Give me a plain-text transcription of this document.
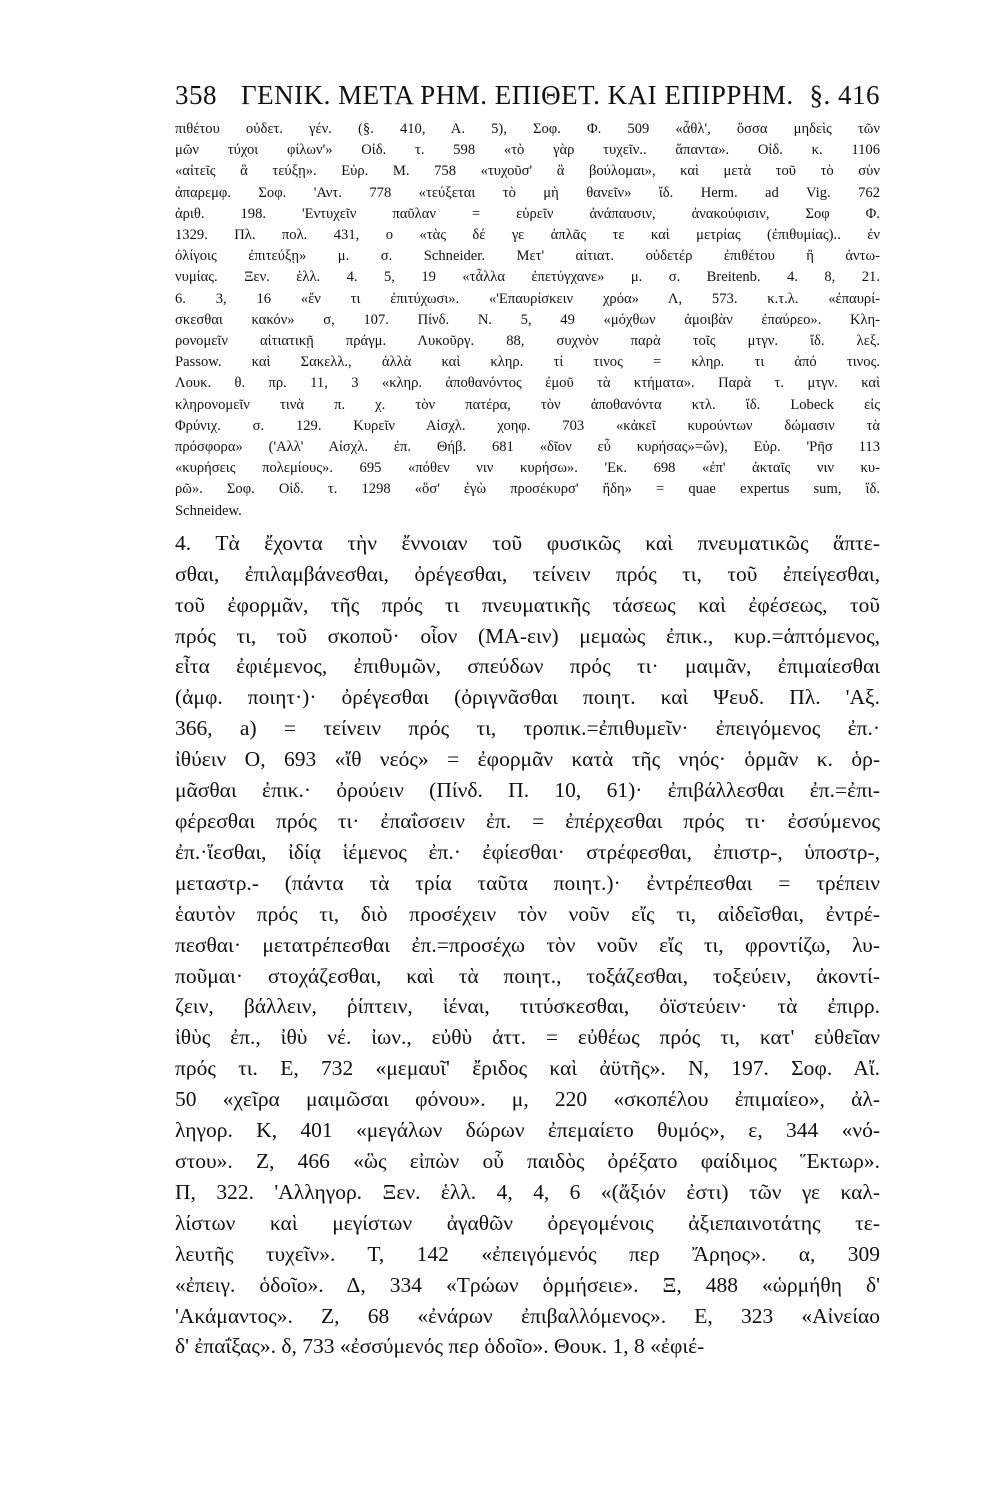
358 ΓΕΝΙΚ. ΜΕΤΑ ΡΗΜ. ΕΠΙΘΕΤ. ΚΑΙ ΕΠΙΡΡΗΜ. §. 416
πιθέτου οὐδετ. γέν. (§. 410, Α. 5), Σοφ. Φ. 509 «ἆθλ', ὅσσα μηδεὶς τῶν
μῶν τύχοι φίλων'» Οἰδ. τ. 598 «τὸ γὰρ τυχεῖν.. ἅπαντα». Οἰδ. κ. 1106
«αἰτεῖς ἃ τεύξῃ». Εὐρ. Μ. 758 «τυχοῦσ' ἃ βούλομαι», καὶ μετὰ τοῦ τὸ σὺν
ἀπαρεμφ. Σοφ. 'Αντ. 778 «τεύξεται τὸ μὴ θανεῖν» ἴδ. Herm. ad Vig. 762
ἀριθ. 198. 'Εντυχεῖν παῦλαν = εὑρεῖν ἀνάπαυσιν, ἀνακούφισιν, Σοφ Φ.
1329. Πλ. πολ. 431, ο «τὰς δέ γε ἁπλᾶς τε καὶ μετρίας (ἐπιθυμίας).. ἐν
ὀλίγοις ἐπιτεύξῃ» μ. σ. Schneider. Μετ' αἰτιατ. οὐδετέρ ἐπιθέτου ἢ ἀντω-
νυμίας. Ξεν. ἑλλ. 4. 5, 19 «τἆλλα ἐπετύγχανε» μ. σ. Breitenb. 4. 8, 21.
6. 3, 16 «ἔν τι ἐπιτύχωσι». «'Επαυρίσκειν χρόα» Λ, 573. κ.τ.λ. «ἐπαυρί-
σκεσθαι κακόν» σ, 107. Πίνδ. Ν. 5, 49 «μόχθων ἀμοιβὰν ἐπαύρεο». Κλη-
ρονομεῖν αἰτιατικῇ πράγμ. Λυκοῦργ. 88, συχνὸν παρὰ τοῖς μτγν. ἴδ. λεξ.
Passow. καὶ Σακελλ., ἀλλὰ καὶ κληρ. τί τινος = κληρ. τι ἀπό τινος.
Λουκ. θ. πρ. 11, 3 «κληρ. ἀποθανόντος ἐμοῦ τὰ κτήματα». Παρὰ τ. μτγν. καὶ
κληρονομεῖν τινὰ π. χ. τὸν πατέρα, τὸν ἀποθανόντα κτλ. ἴδ. Lobeck εἰς
Φρύνιχ. σ. 129. Κυρεῖν Αἰσχλ. χοηφ. 703 «κἀκεῖ κυρούντων δώμασιν τὰ
πρόσφορα» ('Αλλ' Αἰσχλ. ἐπ. Θήβ. 681 «δῖον εὖ κυρήσας»=ὤν), Εὐρ. 'Ρῆσ 113
«κυρήσεις πολεμίους». 695 «πόθεν νιν κυρήσω». 'Εκ. 698 «ἐπ' ἀκταῖς νιν κυ-
ρῶ». Σοφ. Οἰδ. τ. 1298 «ὅσ' ἐγὼ προσέκυρσ' ἤδη» = quae expertus sum, ἴδ.
Schneidew.
4. Τὰ ἔχοντα τὴν ἔννοιαν τοῦ φυσικῶς καὶ πνευματικῶς ἅπτε-
σθαι, ἐπιλαμβάνεσθαι, ὀρέγεσθαι, τείνειν πρός τι, τοῦ ἐπείγεσθαι,
τοῦ ἐφορμᾶν, τῆς πρός τι πνευματικῆς τάσεως καὶ ἐφέσεως, τοῦ
πρός τι, τοῦ σκοποῦ· οἷον (ΜΑ-ειν) μεμαὼς ἐπικ., κυρ.=ἁπτόμενος,
εἶτα ἐφιέμενος, ἐπιθυμῶν, σπεύδων πρός τι· μαιμᾶν, ἐπιμαίεσθαι
(ἀμφ. ποιητ·)· ὀρέγεσθαι (ὀριγνᾶσθαι ποιητ. καὶ Ψευδ. Πλ. 'Αξ.
366, a) = τείνειν πρός τι, τροπικ.=ἐπιθυμεῖν· ἐπειγόμενος ἐπ.·
ἰθύειν Ο, 693 «ἴθ νεός» = ἐφορμᾶν κατὰ τῆς νηός· ὁρμᾶν κ. ὁρ-
μᾶσθαι ἐπικ.· ὀρούειν (Πίνδ. Π. 10, 61)· ἐπιβάλλεσθαι ἐπ.=ἐπι-
φέρεσθαι πρός τι· ἐπαΐσσειν ἐπ. = ἐπέρχεσθαι πρός τι· ἐσσύμενος
ἐπ.·ἵεσθαι, ἰδίᾳ ἱέμενος ἐπ.· ἐφίεσθαι· στρέφεσθαι, ἐπιστρ-, ὑποστρ-,
μεταστρ.- (πάντα τὰ τρία ταῦτα ποιητ.)· ἐντρέπεσθαι = τρέπειν
ἑαυτὸν πρός τι, διὸ προσέχειν τὸν νοῦν εἴς τι, αἰδεῖσθαι, ἐντρέ-
πεσθαι· μετατρέπεσθαι ἐπ.=προσέχω τὸν νοῦν εἴς τι, φροντίζω, λυ-
ποῦμαι· στοχάζεσθαι, καὶ τὰ ποιητ., τοξάζεσθαι, τοξεύειν, ἀκοντί-
ζειν, βάλλειν, ῥίπτειν, ἱέναι, τιτύσκεσθαι, ὀϊστεύειν· τὰ ἐπιρρ.
ἰθὺς ἐπ., ἰθὺ νέ. ἰων., εὐθὺ ἀττ. = εὐθέως πρός τι, κατ' εὐθεῖαν
πρός τι. Ε, 732 «μεμαυῖ' ἔριδος καὶ ἀϋτῆς». Ν, 197. Σοφ. Αἴ.
50 «χεῖρα μαιμῶσαι φόνου». μ, 220 «σκοπέλου ἐπιμαίεο», ἀλ-
ληγορ. Κ, 401 «μεγάλων δώρων ἐπεμαίετο θυμός», ε, 344 «νό-
στου». Ζ, 466 «ὣς εἰπὼν οὗ παιδὸς ὀρέξατο φαίδιμος Ἕκτωρ».
Π, 322. 'Αλληγορ. Ξεν. ἑλλ. 4, 4, 6 «(ἄξιόν ἐστι) τῶν γε καλ-
λίστων καὶ μεγίστων ἀγαθῶν ὀρεγομένοις ἀξιεπαινοτάτης τε-
λευτῆς τυχεῖν». Τ, 142 «ἐπειγόμενός περ Ἄρηος». α, 309
«ἐπειγ. ὁδοῖο». Δ, 334 «Τρώων ὁρμήσειε». Ξ, 488 «ὡρμήθη δ'
'Ακάμαντος». Ζ, 68 «ἐνάρων ἐπιβαλλόμενος». Ε, 323 «Αἰνείαο
δ' ἐπαΐξας». δ, 733 «ἐσσύμενός περ ὁδοῖο». Θουκ. 1, 8 «ἐφιέ-
